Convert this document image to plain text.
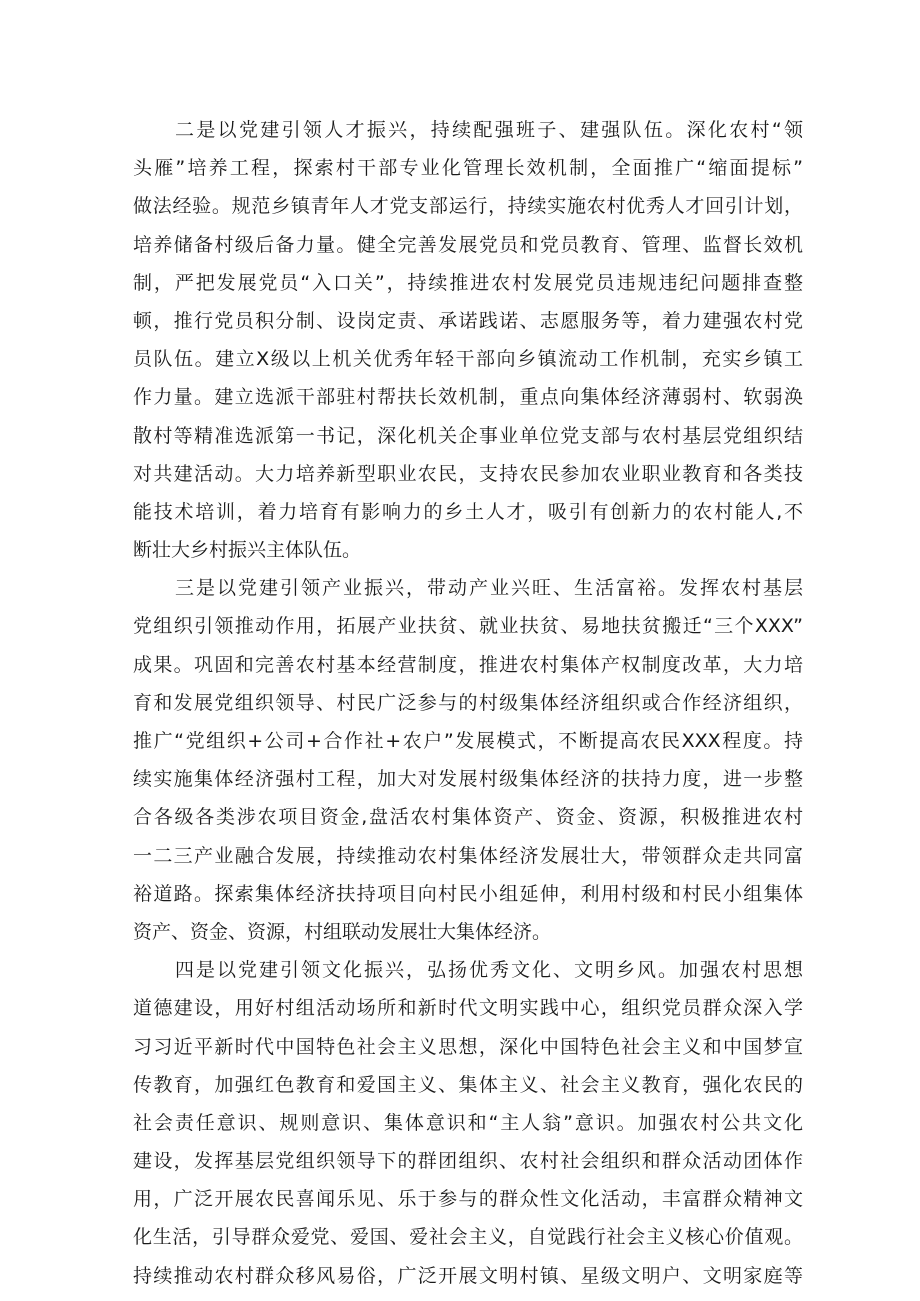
二是以党建引领人才振兴，持续配强班子、建强队伍。深化农村“领
头雁”培养工程，探索村干部专业化管理长效机制，全面推广“缩面提标”
做法经验。规范乡镇青年人才党支部运行，持续实施农村优秀人才回引计划，
培养储备村级后备力量。健全完善发展党员和党员教育、管理、监督长效机
制，严把发展党员“入口关”，持续推进农村发展党员违规违纪问题排查整
顿，推行党员积分制、设岗定责、承诺践诺、志愿服务等，着力建强农村党
员队伍。建立X级以上机关优秀年轻干部向乡镇流动工作机制，充实乡镇工
作力量。建立选派干部驻村帮扶长效机制，重点向集体经济薄弱村、软弱涣
散村等精准选派第一书记，深化机关企事业单位党支部与农村基层党组织结
对共建活动。大力培养新型职业农民，支持农民参加农业职业教育和各类技
能技术培训，着力培育有影响力的乡土人才，吸引有创新力的农村能人,不
断壮大乡村振兴主体队伍。
三是以党建引领产业振兴，带动产业兴旺、生活富裕。发挥农村基层
党组织引领推动作用，拓展产业扶贫、就业扶贫、易地扶贫搬迁“三个XXX”
成果。巩固和完善农村基本经营制度，推进农村集体产权制度改革，大力培
育和发展党组织领导、村民广泛参与的村级集体经济组织或合作经济组织，
推广“党组织+公司+合作社+农户”发展模式，不断提高农民XXX程度。持
续实施集体经济强村工程，加大对发展村级集体经济的扶持力度，进一步整
合各级各类涉农项目资金,盘活农村集体资产、资金、资源，积极推进农村
一二三产业融合发展，持续推动农村集体经济发展壮大，带领群众走共同富
裕道路。探索集体经济扶持项目向村民小组延伸，利用村级和村民小组集体
资产、资金、资源，村组联动发展壮大集体经济。
四是以党建引领文化振兴，弘扬优秀文化、文明乡风。加强农村思想
道德建设，用好村组活动场所和新时代文明实践中心，组织党员群众深入学
习习近平新时代中国特色社会主义思想，深化中国特色社会主义和中国梦宣
传教育，加强红色教育和爱国主义、集体主义、社会主义教育，强化农民的
社会责任意识、规则意识、集体意识和“主人翁”意识。加强农村公共文化
建设，发挥基层党组织领导下的群团组织、农村社会组织和群众活动团体作
用，广泛开展农民喜闻乐见、乐于参与的群众性文化活动，丰富群众精神文
化生活，引导群众爱党、爱国、爱社会主义，自觉践行社会主义核心价值观。
持续推动农村群众移风易俗，广泛开展文明村镇、星级文明户、文明家庭等
